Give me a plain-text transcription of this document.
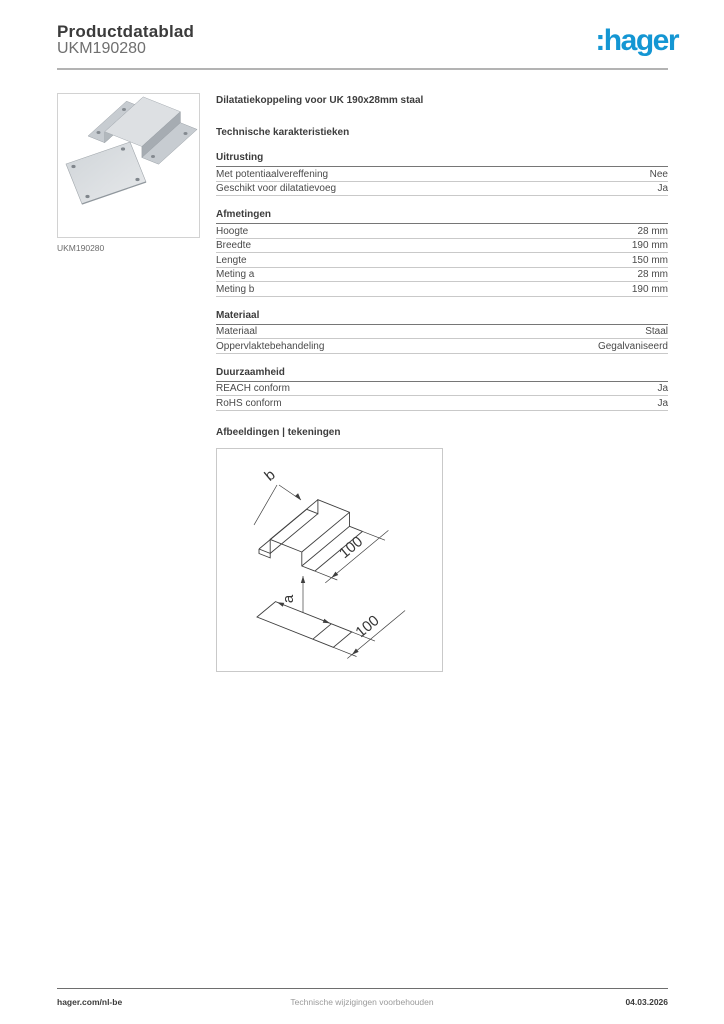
Productdatablad
UKM190280	:hager
UKM190280
Dilatatiekoppeling voor UK 190x28mm staal
Technische karakteristieken
Uitrusting
Met potentiaalvereffening	Nee
Geschikt voor dilatatievoeg	Ja
Afmetingen
Hoogte	28 mm
Breedte	190 mm
Lengte	150 mm
Meting a	28 mm
Meting b	190 mm
Materiaal
Materiaal	Staal
Oppervlaktebehandeling	Gegalvaniseerd
Duurzaamheid
REACH conform	Ja
RoHS conform	Ja
Afbeeldingen | tekeningen
b
100
a
100
hager.com/nl-be	Technische wijzigingen voorbehouden	04.03.2026
